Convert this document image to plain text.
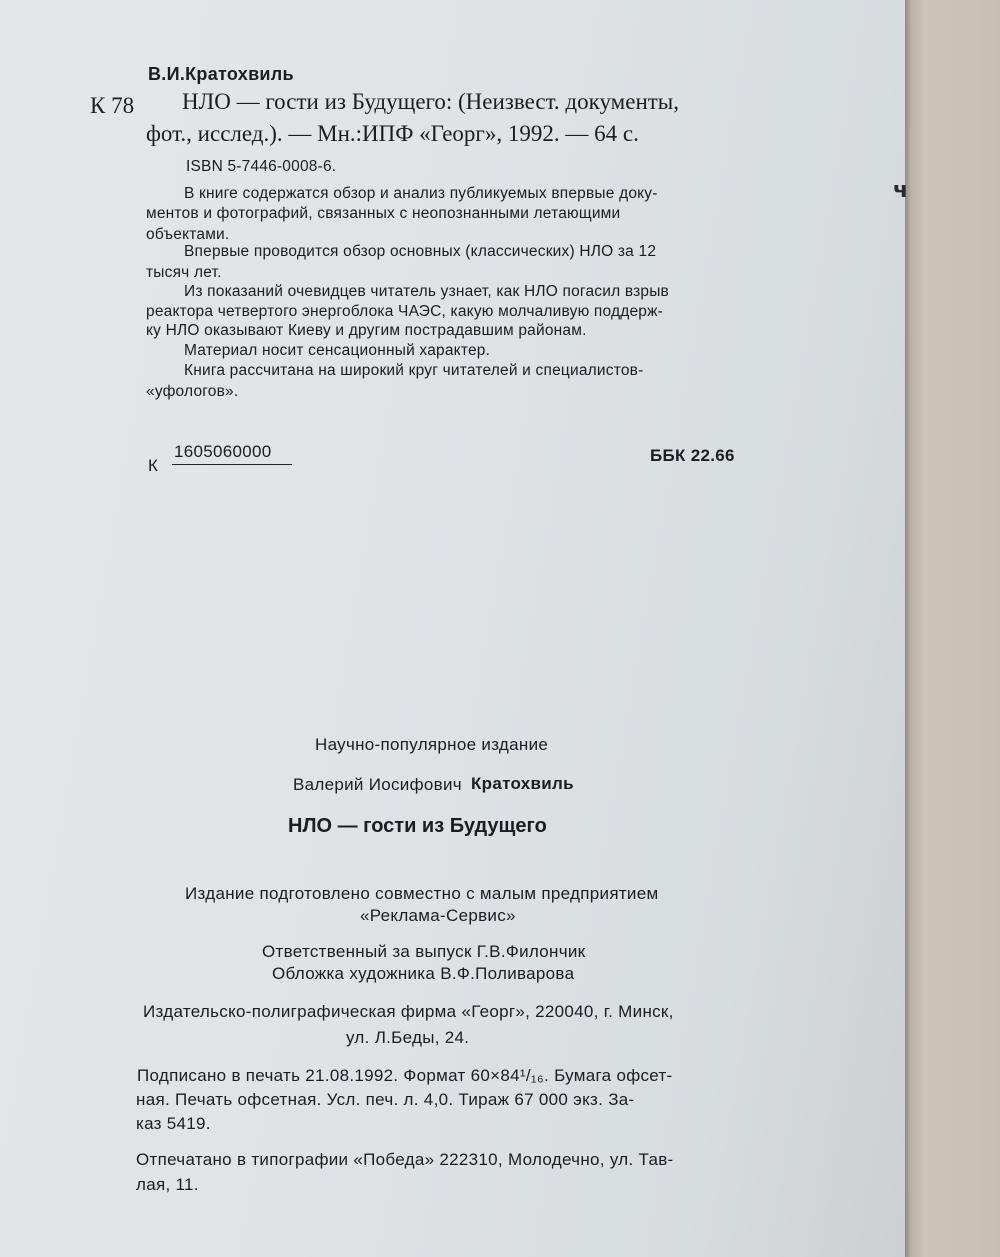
В.И.Кратохвиль

К 78 НЛО — гости из Будущего: (Неизвест. документы,

фот., исслед.). — Мн.:ИПФ «Георг», 1992. — 64 с.

ISBN 5-7446-0008-6.

В книге содержатся обзор и анализ публикуемых впервые доку-

ментов и фотографий, связанных с неопознанными летающими

объектами.

Впервые проводится обзор основных (классических) НЛО за 12

тысяч лет.

Из показаний очевидцев читатель узнает, как НЛО погасил взрыв

реактора четвертого энергоблока ЧАЭС, какую молчаливую поддерж-

ку НЛО оказывают Киеву и другим пострадавшим районам.

Материал носит сенсационный характер.

Книга рассчитана на широкий круг читателей и специалистов-

«уфологов».

К

1605060000	ББК 22.66

Научно-популярное издание

Валерий Иосифович Кратохвиль

НЛО — гости из Будущего

Издание подготовлено совместно с малым предприятием

«Реклама-Сервис»

Ответственный за выпуск Г.В.Филончик

Обложка художника В.Ф.Поливарова

Издательско-полиграфическая фирма «Георг», 220040, г. Минск,

ул. Л.Беды, 24.

Подписано в печать 21.08.1992. Формат 60×84¹/₁₆. Бумага офсет-

ная. Печать офсетная. Усл. печ. л. 4,0. Тираж 67 000 экз. За-

каз 5419.

Отпечатано в типографии «Победа» 222310, Молодечно, ул. Тав-

лая, 11.

ч
